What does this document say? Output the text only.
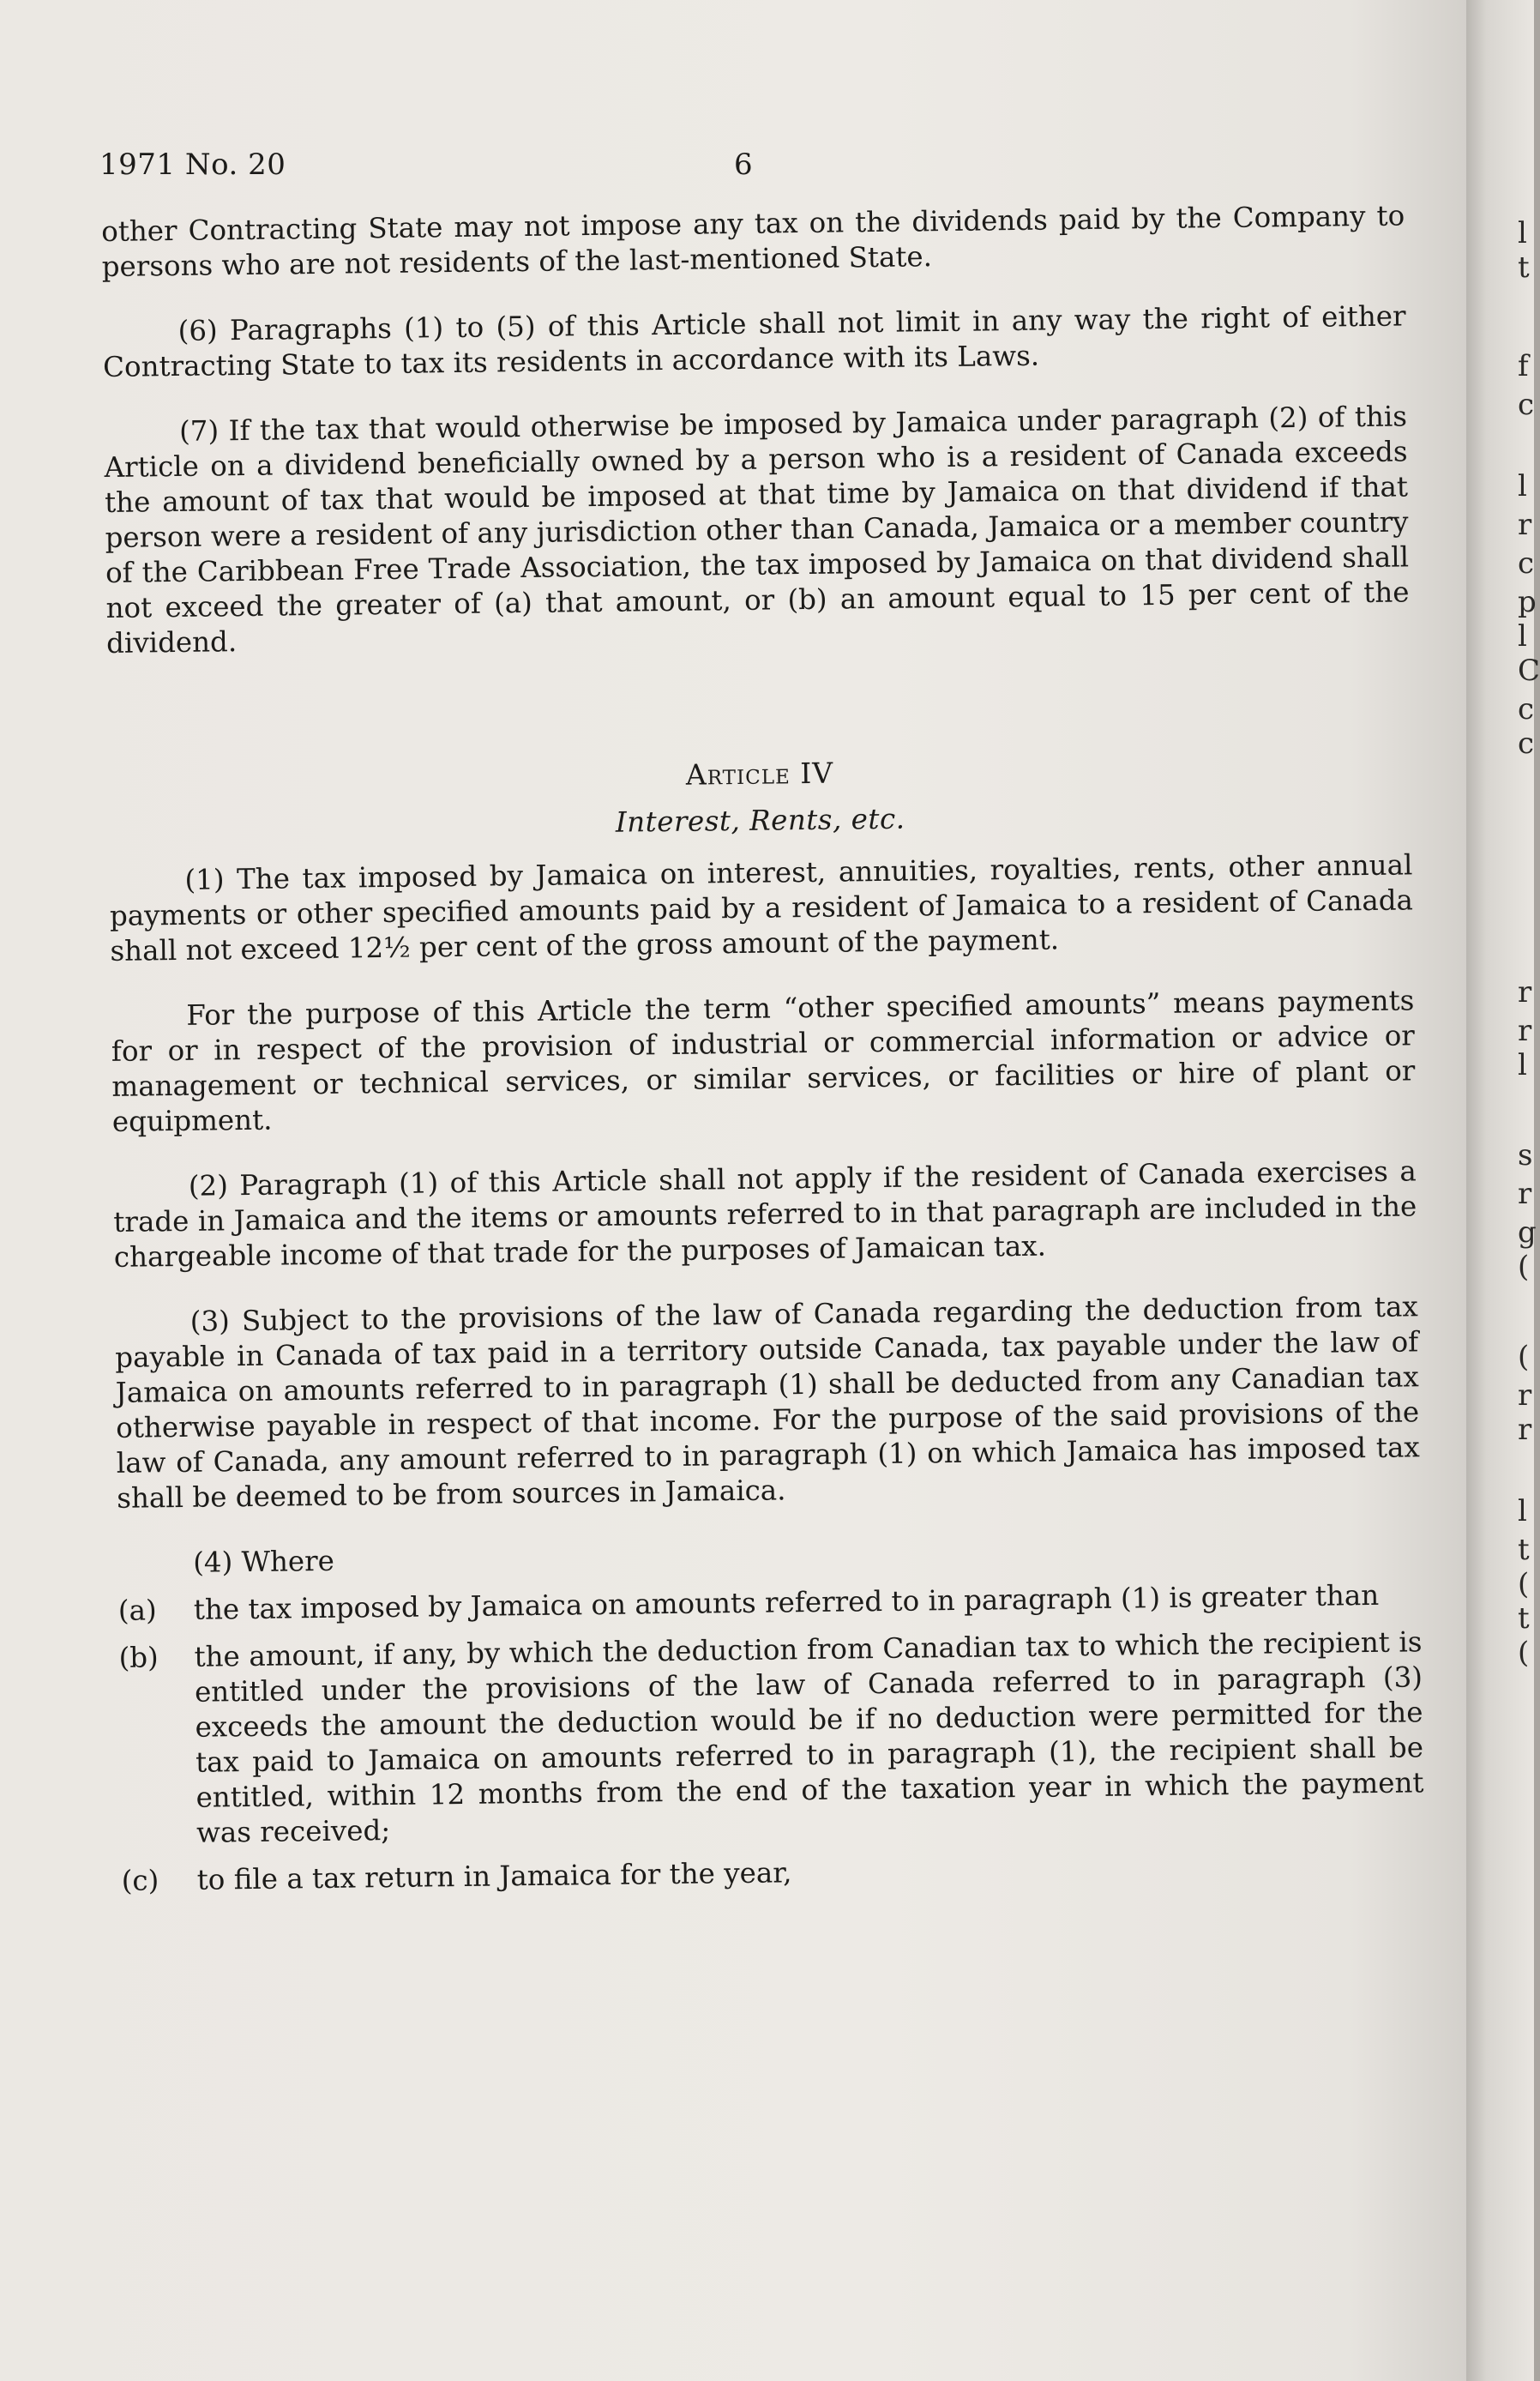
1971 No. 20	6

other Contracting State may not impose any tax on the dividends paid by the Company to persons who are not residents of the last-mentioned State.

(6) Paragraphs (1) to (5) of this Article shall not limit in any way the right of either Contracting State to tax its residents in accordance with its Laws.

(7) If the tax that would otherwise be imposed by Jamaica under paragraph (2) of this Article on a dividend beneficially owned by a person who is a resident of Canada exceeds the amount of tax that would be imposed at that time by Jamaica on that dividend if that person were a resident of any jurisdiction other than Canada, Jamaica or a member country of the Caribbean Free Trade Association, the tax imposed by Jamaica on that dividend shall not exceed the greater of (a) that amount, or (b) an amount equal to 15 per cent of the dividend.

Article IV
Interest, Rents, etc.

(1) The tax imposed by Jamaica on interest, annuities, royalties, rents, other annual payments or other specified amounts paid by a resident of Jamaica to a resident of Canada shall not exceed 12½ per cent of the gross amount of the payment.

For the purpose of this Article the term “other specified amounts” means payments for or in respect of the provision of industrial or commercial information or advice or management or technical services, or similar services, or facilities or hire of plant or equipment.

(2) Paragraph (1) of this Article shall not apply if the resident of Canada exercises a trade in Jamaica and the items or amounts referred to in that paragraph are included in the chargeable income of that trade for the purposes of Jamaican tax.

(3) Subject to the provisions of the law of Canada regarding the deduction from tax payable in Canada of tax paid in a territory outside Canada, tax payable under the law of Jamaica on amounts referred to in paragraph (1) shall be deducted from any Canadian tax otherwise payable in respect of that income. For the purpose of the said provisions of the law of Canada, any amount referred to in paragraph (1) on which Jamaica has imposed tax shall be deemed to be from sources in Jamaica.

(4) Where

(a)	the tax imposed by Jamaica on amounts referred to in paragraph (1) is greater than
(b)	the amount, if any, by which the deduction from Canadian tax to which the recipient is entitled under the provisions of the law of Canada referred to in paragraph (3) exceeds the amount the deduction would be if no deduction were permitted for the tax paid to Jamaica on amounts referred to in paragraph (1), the recipient shall be entitled, within 12 months from the end of the taxation year in which the payment was received;
(c)	to file a tax return in Jamaica for the year,
l
t
f
c
l
r
c
p
l
C
c
c
r
r
l
s
r
g
(
(
r
r
l
t
(
t
(
